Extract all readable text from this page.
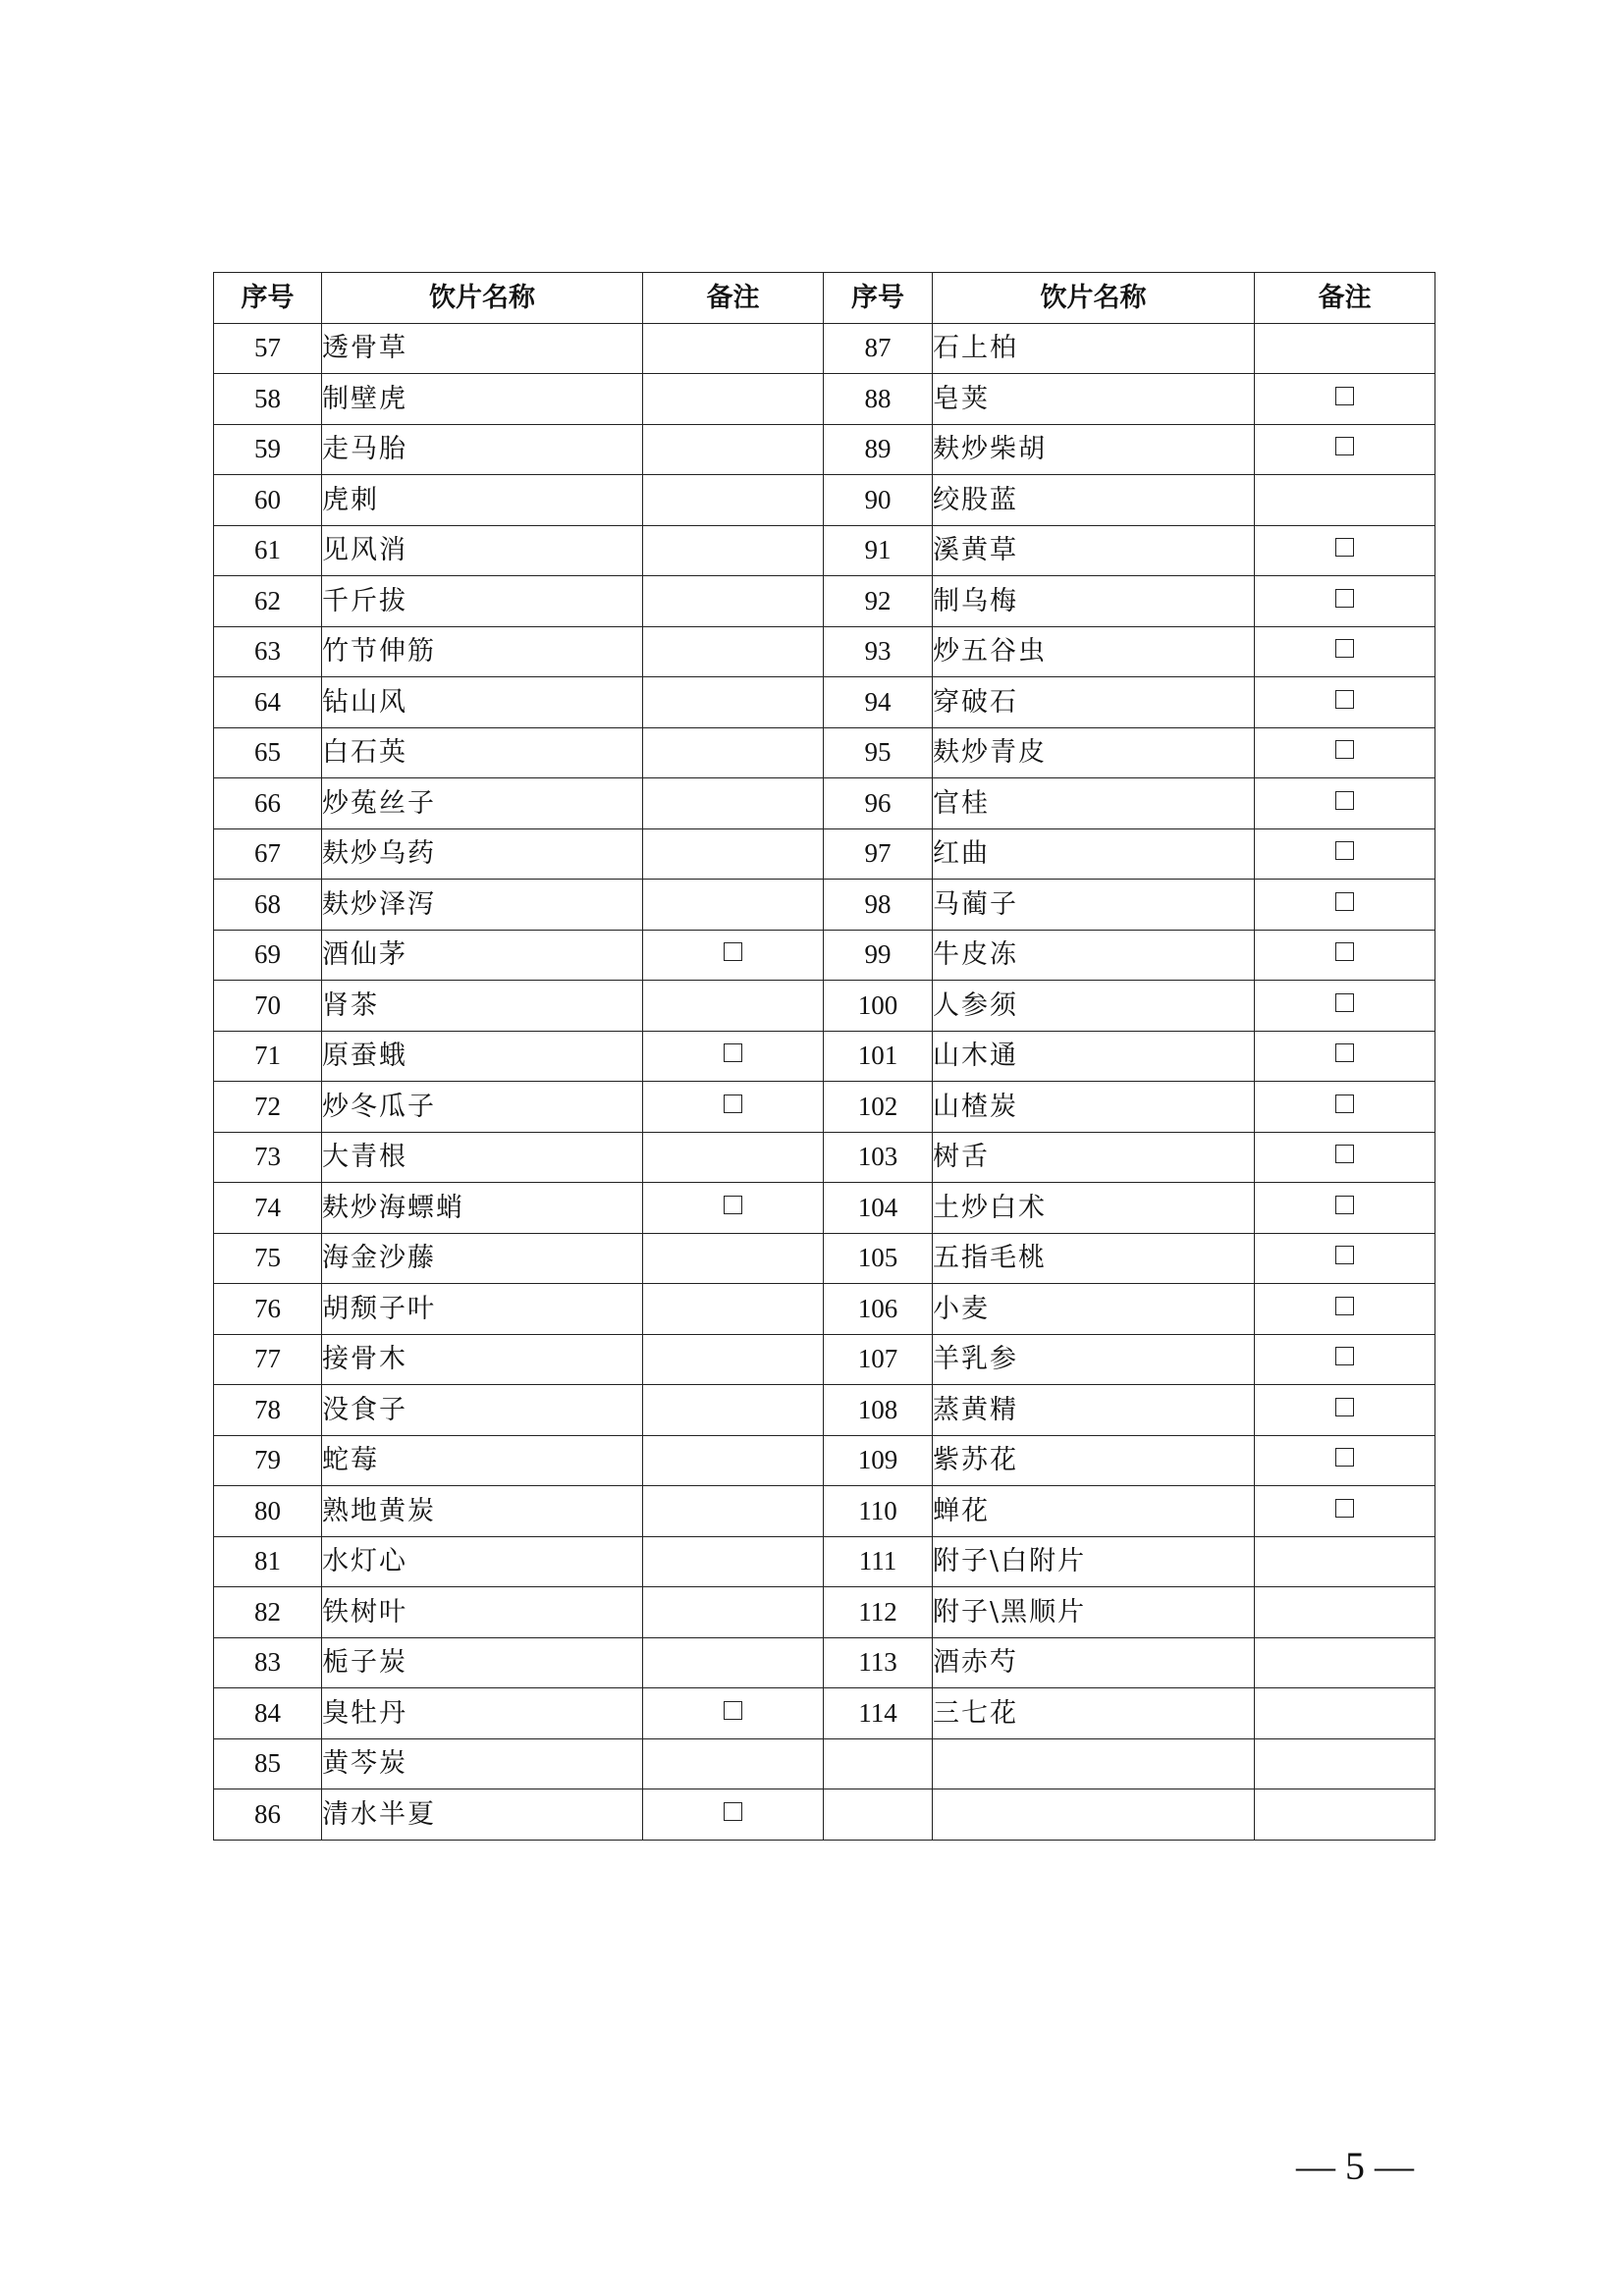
序号	饮片名称	备注	序号	饮片名称	备注
57	透骨草		87	石上柏	
58	制壁虎		88	皂荚	
59	走马胎		89	麸炒柴胡	
60	虎刺		90	绞股蓝	
61	见风消		91	溪黄草	
62	千斤拔		92	制乌梅	
63	竹节伸筋		93	炒五谷虫	
64	钻山风		94	穿破石	
65	白石英		95	麸炒青皮	
66	炒菟丝子		96	官桂	
67	麸炒乌药		97	红曲	
68	麸炒泽泻		98	马蔺子	
69	酒仙茅		99	牛皮冻	
70	肾茶		100	人参须	
71	原蚕蛾		101	山木通	
72	炒冬瓜子		102	山楂炭	
73	大青根		103	树舌	
74	麸炒海螵蛸		104	土炒白术	
75	海金沙藤		105	五指毛桃	
76	胡颓子叶		106	小麦	
77	接骨木		107	羊乳参	
78	没食子		108	蒸黄精	
79	蛇莓		109	紫苏花	
80	熟地黄炭		110	蝉花	
81	水灯心		111	附子\白附片	
82	铁树叶		112	附子\黑顺片	
83	栀子炭		113	酒赤芍	
84	臭牡丹		114	三七花	
85	黄芩炭				
86	清水半夏				
— 5 —
